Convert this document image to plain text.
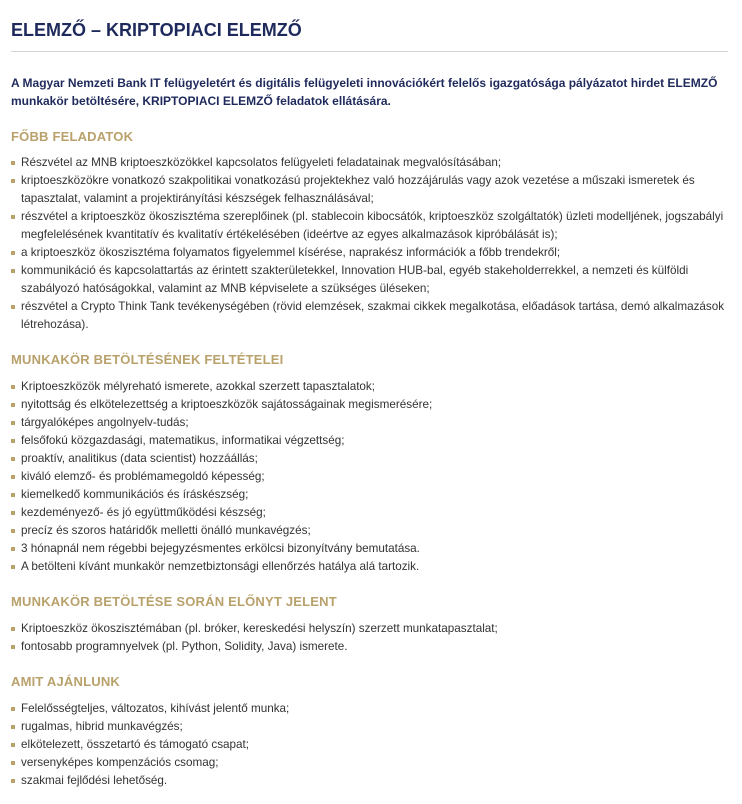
ELEMZŐ – KRIPTOPIACI ELEMZŐ

A Magyar Nemzeti Bank IT felügyeletért és digitális felügyeleti innovációkért felelős igazgatósága pályázatot hirdet ELEMZŐ munkakör betöltésére, KRIPTOPIACI ELEMZŐ feladatok ellátására.

FŐBB FELADATOK
Részvétel az MNB kriptoeszközökkel kapcsolatos felügyeleti feladatainak megvalósításában;
kriptoeszközökre vonatkozó szakpolitikai vonatkozású projektekhez való hozzájárulás vagy azok vezetése a műszaki ismeretek és tapasztalat, valamint a projektirányítási készségek felhasználásával;
részvétel a kriptoeszköz ökoszisztéma szereplőinek (pl. stablecoin kibocsátók, kriptoeszköz szolgáltatók) üzleti modelljének, jogszabályi megfelelésének kvantitatív és kvalitatív értékelésében (ideértve az egyes alkalmazások kipróbálását is);
a kriptoeszköz ökoszisztéma folyamatos figyelemmel kísérése, naprakész információk a főbb trendekről;
kommunikáció és kapcsolattartás az érintett szakterületekkel, Innovation HUB-bal, egyéb stakeholderrekkel, a nemzeti és külföldi szabályozó hatóságokkal, valamint az MNB képviselete a szükséges üléseken;
részvétel a Crypto Think Tank tevékenységében (rövid elemzések, szakmai cikkek megalkotása, előadások tartása, demó alkalmazások létrehozása).
MUNKAKÖR BETÖLTÉSÉNEK FELTÉTELEI
Kriptoeszközök mélyreható ismerete, azokkal szerzett tapasztalatok;
nyitottság és elkötelezettség a kriptoeszközök sajátosságainak megismerésére;
tárgyalóképes angolnyelv-tudás;
felsőfokú közgazdasági, matematikus, informatikai végzettség;
proaktív, analitikus (data scientist) hozzáállás;
kiváló elemző- és problémamegoldó képesség;
kiemelkedő kommunikációs és íráskészség;
kezdeményező- és jó együttműködési készség;
precíz és szoros határidők melletti önálló munkavégzés;
3 hónapnál nem régebbi bejegyzésmentes erkölcsi bizonyítvány bemutatása.
A betölteni kívánt munkakör nemzetbiztonsági ellenőrzés hatálya alá tartozik.
MUNKAKÖR BETÖLTÉSE SORÁN ELŐNYT JELENT
Kriptoeszköz ökoszisztémában (pl. bróker, kereskedési helyszín) szerzett munkatapasztalat;
fontosabb programnyelvek (pl. Python, Solidity, Java) ismerete.
AMIT AJÁNLUNK
Felelősségteljes, változatos, kihívást jelentő munka;
rugalmas, hibrid munkavégzés;
elkötelezett, összetartó és támogató csapat;
versenyképes kompenzációs csomag;
szakmai fejlődési lehetőség.
